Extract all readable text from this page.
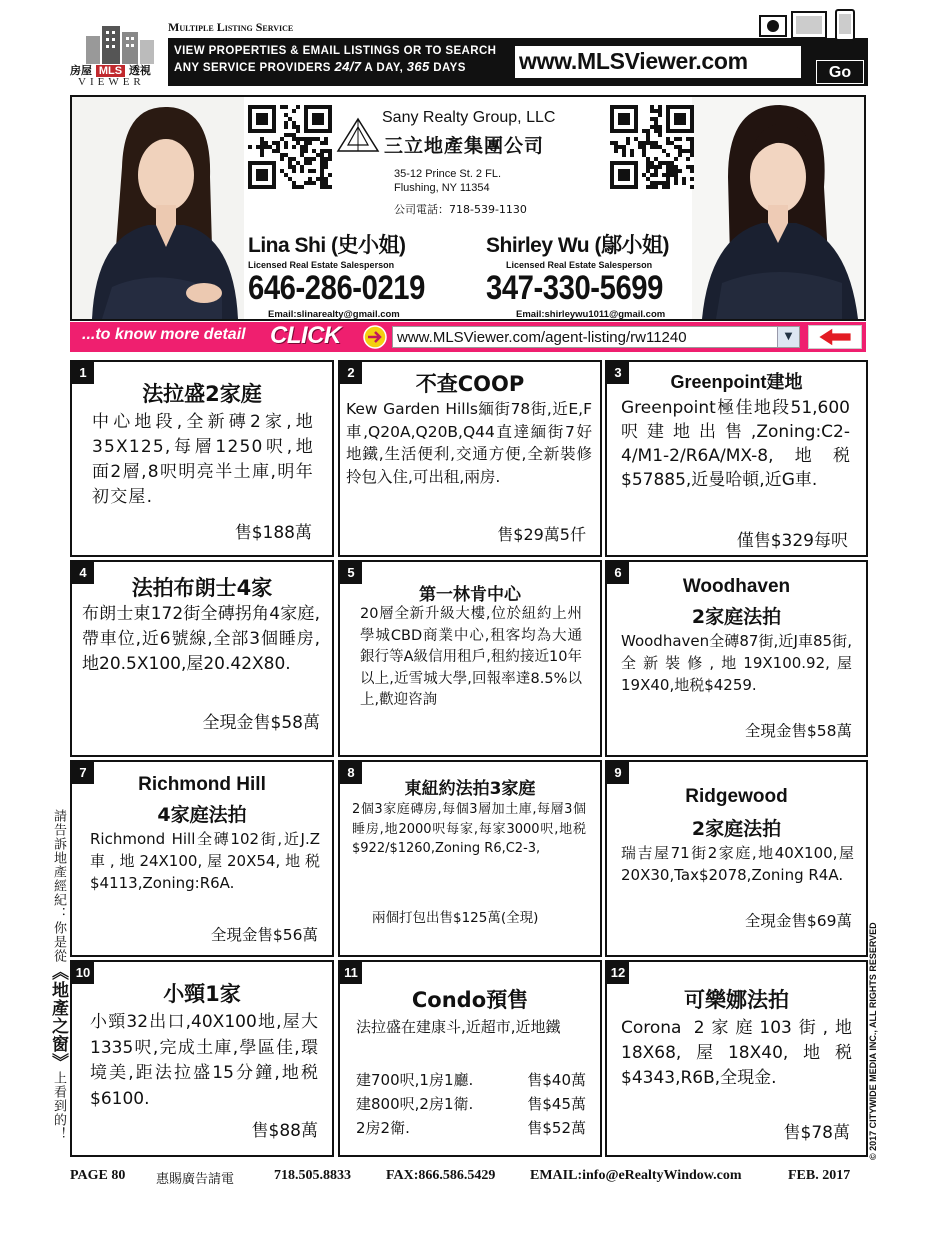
房屋 MLS 透視
VIEWER
Multiple Listing Service
VIEW PROPERTIES & EMAIL LISTINGS OR TO SEARCH
ANY SERVICE PROVIDERS 24/7 A DAY, 365 DAYS	www.MLSViewer.com	Go
Sany Realty Group, LLC
三立地產集團公司
35-12 Prince St. 2 FL.
Flushing, NY 11354
公司電話：718-539-1130
Lina Shi (史小姐)
Licensed Real Estate Salesperson
646-286-0219
Email:slinarealty@gmail.com
Shirley Wu (鄔小姐)
Licensed Real Estate Salesperson
347-330-5699
Email:shirleywu1011@gmail.com
...to know more detail CLICK	www.MLSViewer.com/agent-listing/rw11240	▼
1
法拉盛2家庭
中心地段,全新磚2家,地35X125,每層1250呎,地面2層,8呎明亮半土庫,明年初交屋.
售$188萬
2	不查COOP
Kew Garden Hills緬街78街,近E,F車,Q20A,Q20B,Q44直達緬街7好地鐵,生活便利,交通方便,全新裝修拎包入住,可出租,兩房.
售$29萬5仟
3	Greenpoint建地
Greenpoint極佳地段51,600呎建地出售,Zoning:C2-4/M1-2/R6A/MX-8,地税$57885,近曼哈頓,近G車.
僅售$329每呎
4
法拍布朗士4家
布朗士東172街全磚拐角4家庭,帶車位,近6號線,全部3個睡房,地20.5X100,屋20.42X80.
全現金售$58萬
5
第一林肯中心
20層全新升級大樓,位於紐約上州學城CBD商業中心,租客均為大通銀行等A級信用租戶,租約接近10年以上,近雪城大學,回報率達8.5%以上,歡迎咨詢
6
Woodhaven
2家庭法拍
Woodhaven全磚87街,近J車85街,全新裝修,地19X100.92,屋19X40,地税$4259.
全現金售$58萬
7
Richmond Hill
4家庭法拍
Richmond Hill全磚102街,近J.Z車,地24X100,屋20X54,地税$4113,Zoning:R6A.
全現金售$56萬
8
東紐約法拍3家庭
2個3家庭磚房,每個3層加土庫,每層3個睡房,地2000呎每家,每家3000呎,地税$922/$1260,Zoning R6,C2-3,
兩個打包出售$125萬(全現)
9
Ridgewood
2家庭法拍
瑞吉屋71街2家庭,地40X100,屋20X30,Tax$2078,Zoning R4A.
全現金售$69萬
10
小頸1家
小頸32出口,40X100地,屋大1335呎,完成土庫,學區佳,環境美,距法拉盛15分鐘,地税$6100.
售$88萬
11
Condo預售
法拉盛在建康斗,近超市,近地鐵
建700呎,1房1廳.	售$40萬
建800呎,2房1衛.	售$45萬
2房2衛.	售$52萬
12
可樂娜法拍
Corona 2家庭103街,地18X68,屋18X40,地税$4343,R6B,全現金.
售$78萬
請告訴地產經紀：你是從《地產之窗》上看到的！	© 2017 CITYWIDE MEDIA INC., ALL RIGHTS RESERVED
PAGE 80 惠賜廣告請電	718.505.8833	FAX:866.586.5429 EMAIL:info@eRealtyWindow.com	FEB. 2017
